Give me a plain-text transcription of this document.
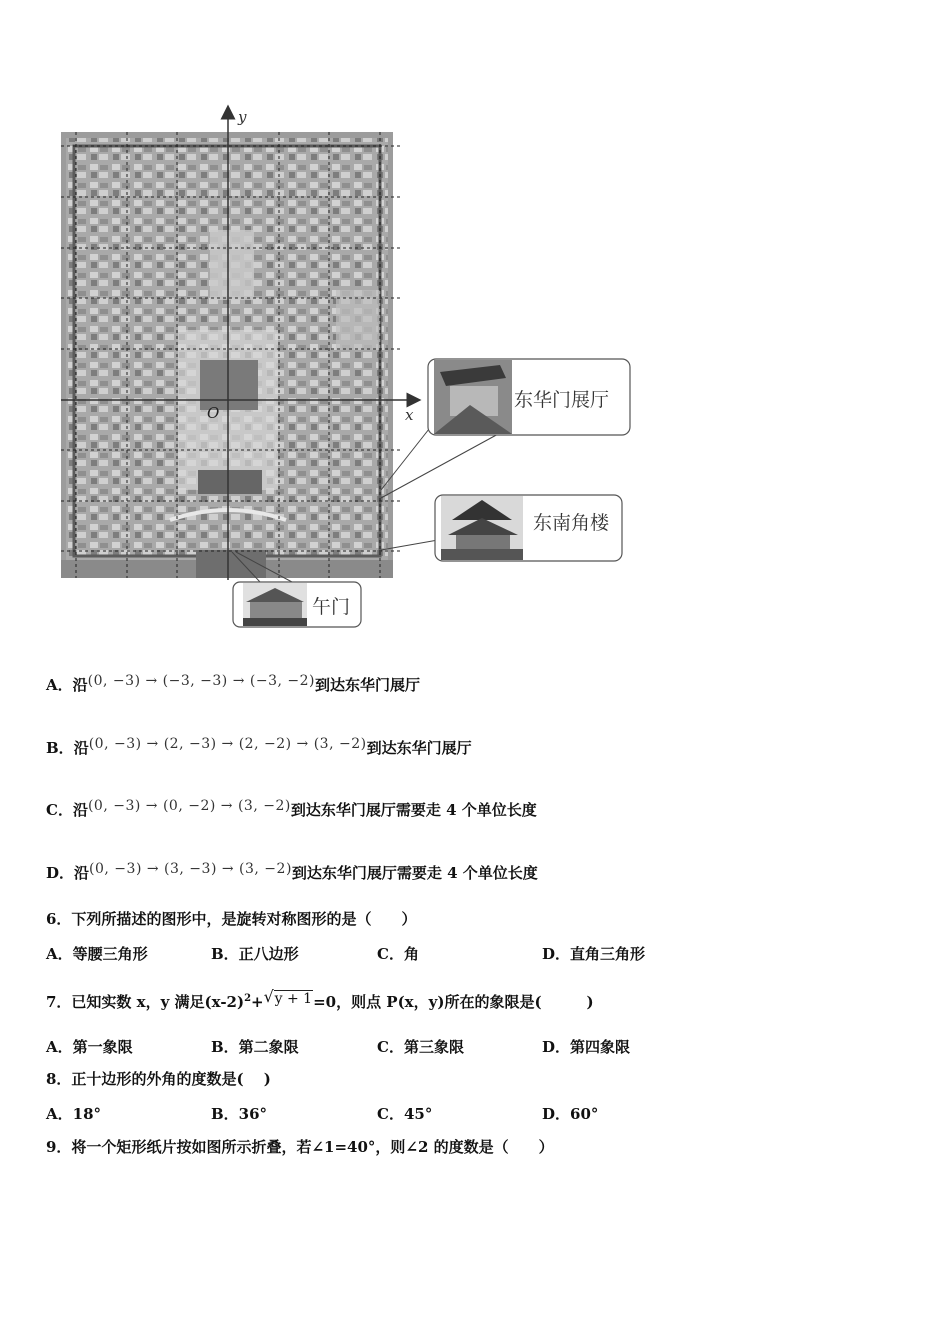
x
y
O
东华门展厅
东南角楼
午门
A．沿(0, −3) → (−3, −3) → (−3, −2)到达东华门展厅
B．沿(0, −3) → (2, −3) → (2, −2) → (3, −2)到达东华门展厅
C．沿(0, −3) → (0, −2) → (3, −2)到达东华门展厅需要走 4 个单位长度
D．沿(0, −3) → (3, −3) → (3, −2)到达东华门展厅需要走 4 个单位长度
6．下列所描述的图形中，是旋转对称图形的是（　　）
A．等腰三角形	B．正八边形	C．角	D．直角三角形
7．已知实数 x，y 满足$(x-2)^2+$ √ y + 1=0，则点 P(x，y)所在的象限是(　　　)
A．第一象限	B．第二象限	C．第三象限	D．第四象限
8．正十边形的外角的度数是(　 )
A．18°	B．36°	C．45°	D．60°
9．将一个矩形纸片按如图所示折叠，若∠1=40°，则∠2 的度数是（　　）
